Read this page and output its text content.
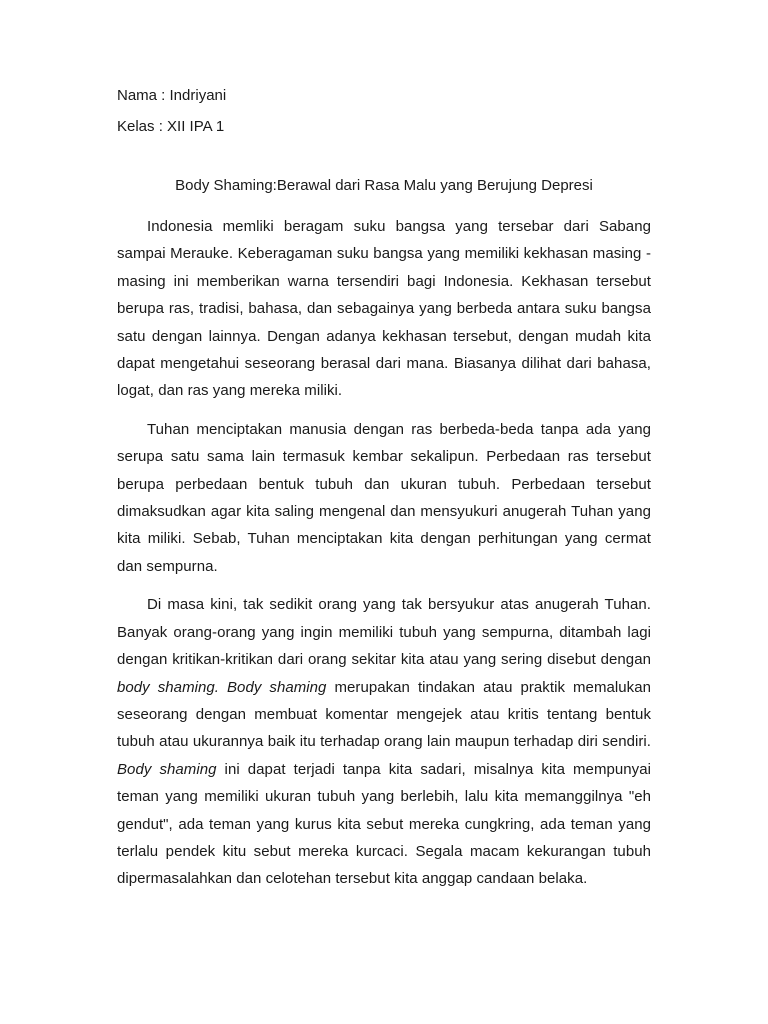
Nama : Indriyani
Kelas : XII IPA 1
Body Shaming:Berawal dari Rasa Malu yang Berujung Depresi

Indonesia memliki beragam suku bangsa yang tersebar dari Sabang sampai Merauke. Keberagaman suku bangsa yang memiliki kekhasan masing -masing ini memberikan warna tersendiri bagi Indonesia. Kekhasan tersebut berupa ras, tradisi, bahasa, dan sebagainya yang berbeda antara suku bangsa satu dengan lainnya. Dengan adanya kekhasan tersebut, dengan mudah kita dapat mengetahui seseorang berasal dari mana. Biasanya dilihat dari bahasa, logat, dan ras yang mereka miliki.

Tuhan menciptakan manusia dengan ras berbeda-beda tanpa ada yang serupa satu sama lain termasuk kembar sekalipun. Perbedaan ras tersebut berupa perbedaan bentuk tubuh dan ukuran tubuh. Perbedaan tersebut dimaksudkan agar kita saling mengenal dan mensyukuri anugerah Tuhan yang kita miliki. Sebab, Tuhan menciptakan kita dengan perhitungan yang cermat dan sempurna.

Di masa kini, tak sedikit orang yang tak bersyukur atas anugerah Tuhan. Banyak orang-orang yang ingin memiliki tubuh yang sempurna, ditambah lagi dengan kritikan-kritikan dari orang sekitar kita atau yang sering disebut dengan body shaming. Body shaming merupakan tindakan atau praktik memalukan seseorang dengan membuat komentar mengejek atau kritis tentang bentuk tubuh atau ukurannya baik itu terhadap orang lain maupun terhadap diri sendiri. Body shaming ini dapat terjadi tanpa kita sadari, misalnya kita mempunyai teman yang memiliki ukuran tubuh yang berlebih, lalu kita memanggilnya "eh gendut", ada teman yang kurus kita sebut mereka cungkring, ada teman yang terlalu pendek kitu sebut mereka kurcaci. Segala macam kekurangan tubuh dipermasalahkan dan celotehan tersebut kita anggap candaan belaka.
